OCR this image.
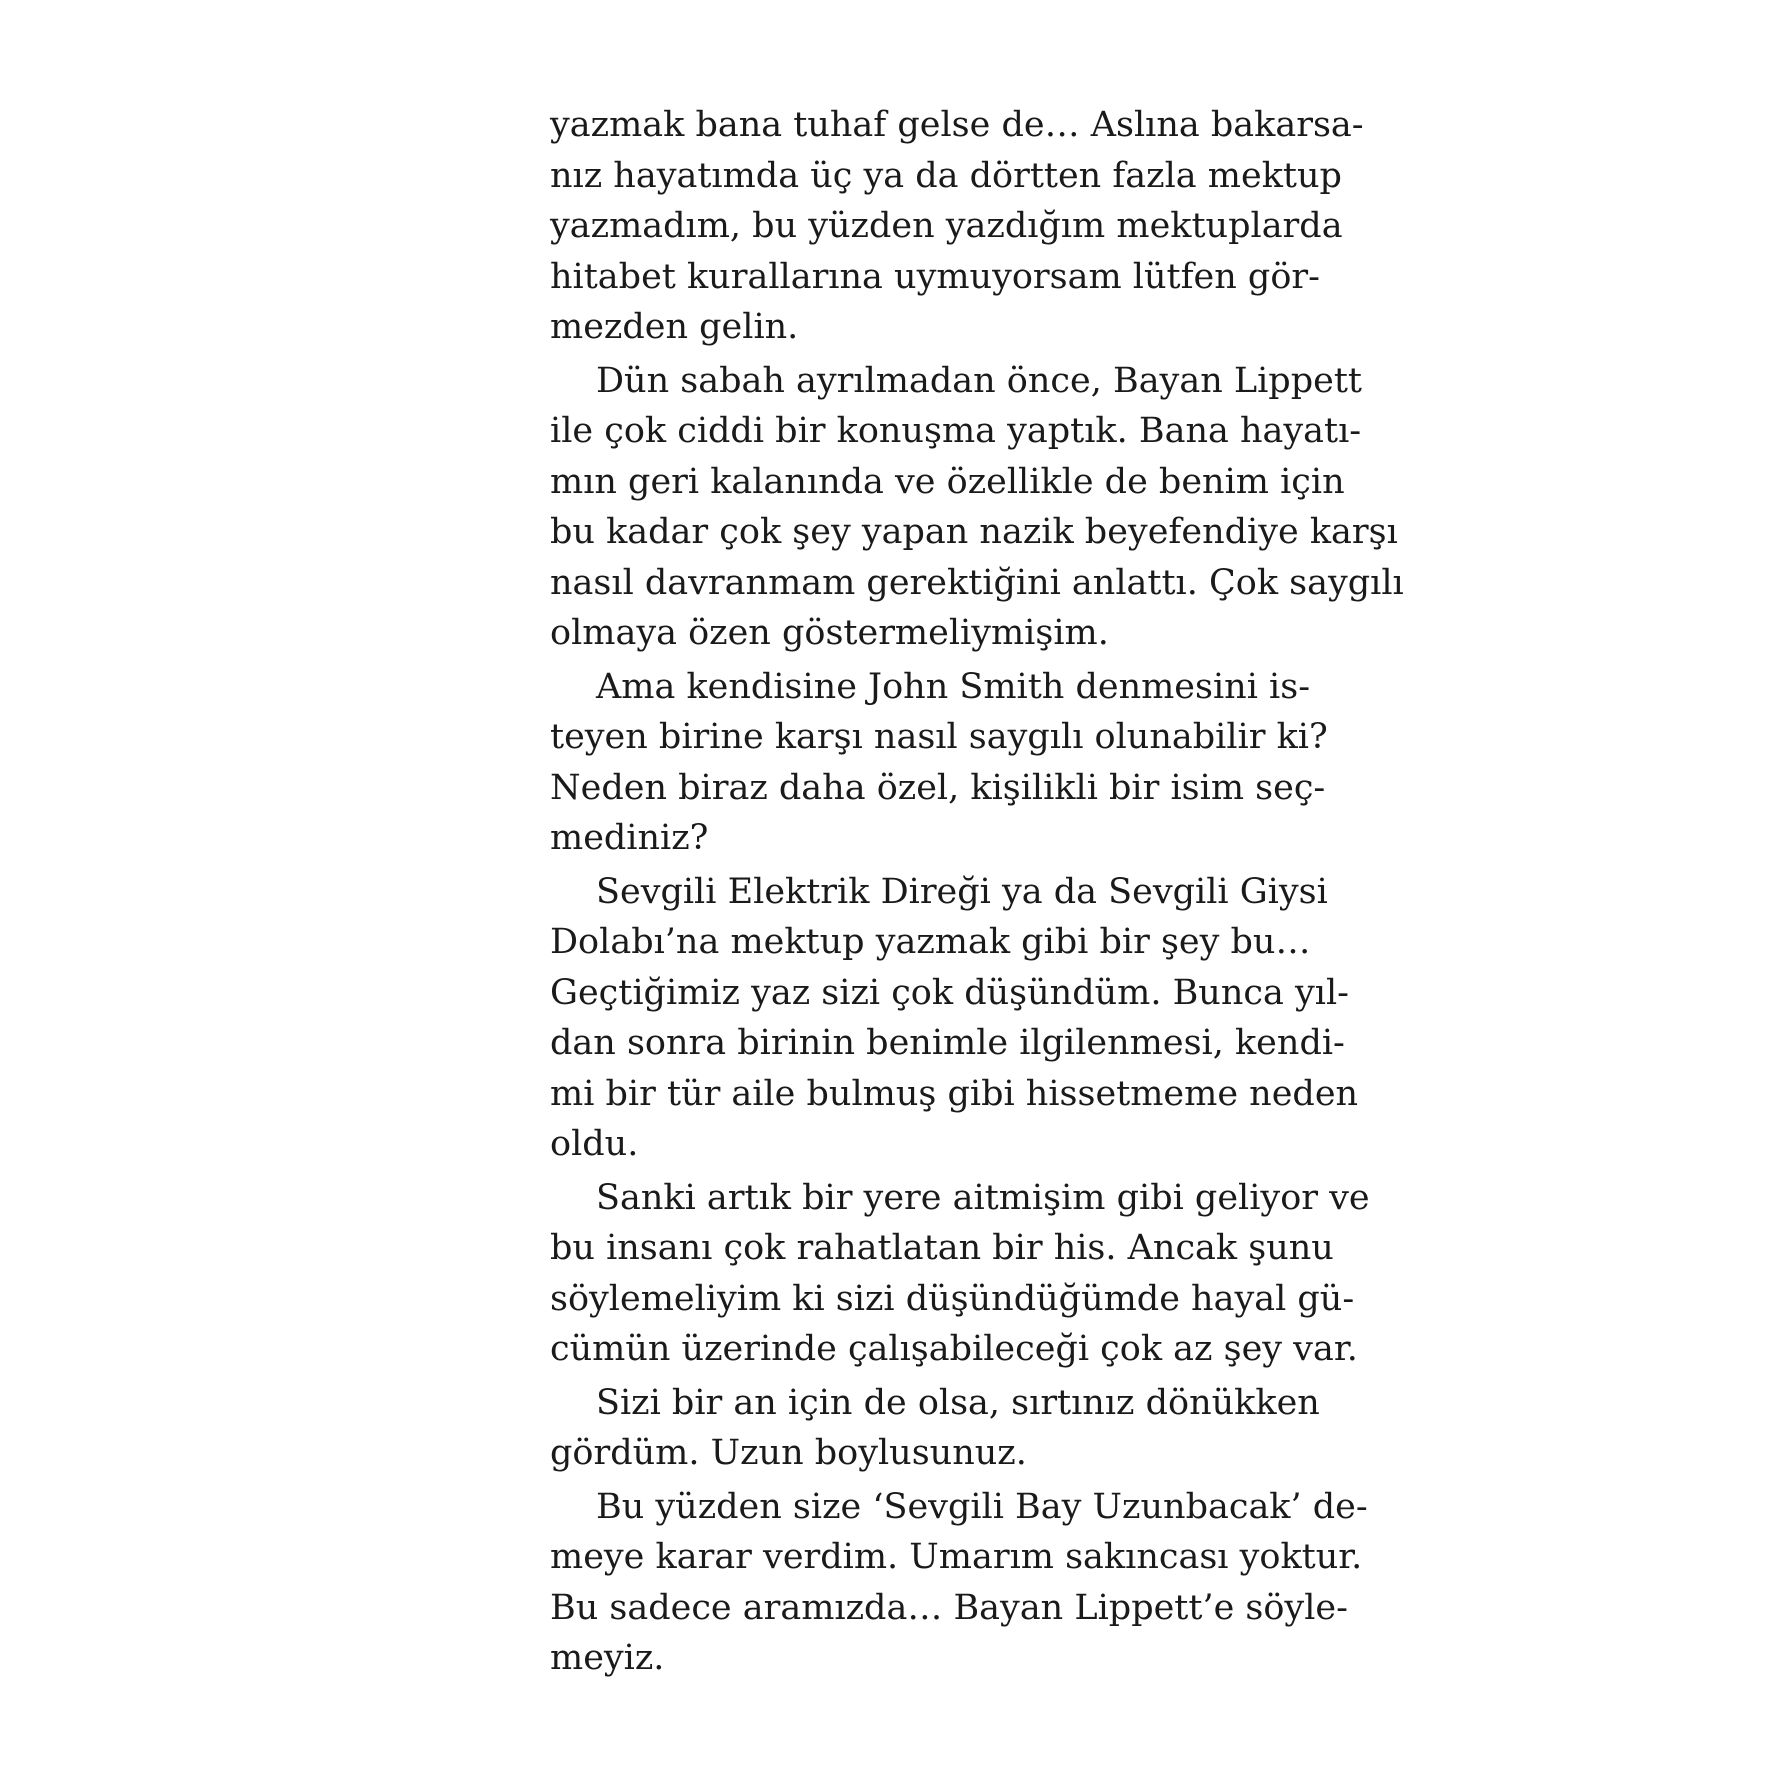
yazmak bana tuhaf gelse de… Aslına bakarsa-
nız hayatımda üç ya da dörtten fazla mektup
yazmadım, bu yüzden yazdığım mektuplarda
hitabet kurallarına uymuyorsam lütfen gör-
mezden gelin.
Dün sabah ayrılmadan önce, Bayan Lippett
ile çok ciddi bir konuşma yaptık. Bana hayatı-
mın geri kalanında ve özellikle de benim için
bu kadar çok şey yapan nazik beyefendiye karşı
nasıl davranmam gerektiğini anlattı. Çok saygılı
olmaya özen göstermeliymişim.
Ama kendisine John Smith denmesini is-
teyen birine karşı nasıl saygılı olunabilir ki?
Neden biraz daha özel, kişilikli bir isim seç-
mediniz?
Sevgili Elektrik Direği ya da Sevgili Giysi
Dolabı’na mektup yazmak gibi bir şey bu…
Geçtiğimiz yaz sizi çok düşündüm. Bunca yıl-
dan sonra birinin benimle ilgilenmesi, kendi-
mi bir tür aile bulmuş gibi hissetmeme neden
oldu.
Sanki artık bir yere aitmişim gibi geliyor ve
bu insanı çok rahatlatan bir his. Ancak şunu
söylemeliyim ki sizi düşündüğümde hayal gü-
cümün üzerinde çalışabileceği çok az şey var.
Sizi bir an için de olsa, sırtınız dönükken
gördüm. Uzun boylusunuz.
Bu yüzden size ‘Sevgili Bay Uzunbacak’ de-
meye karar verdim. Umarım sakıncası yoktur.
Bu sadece aramızda… Bayan Lippett’e söyle-
meyiz.
